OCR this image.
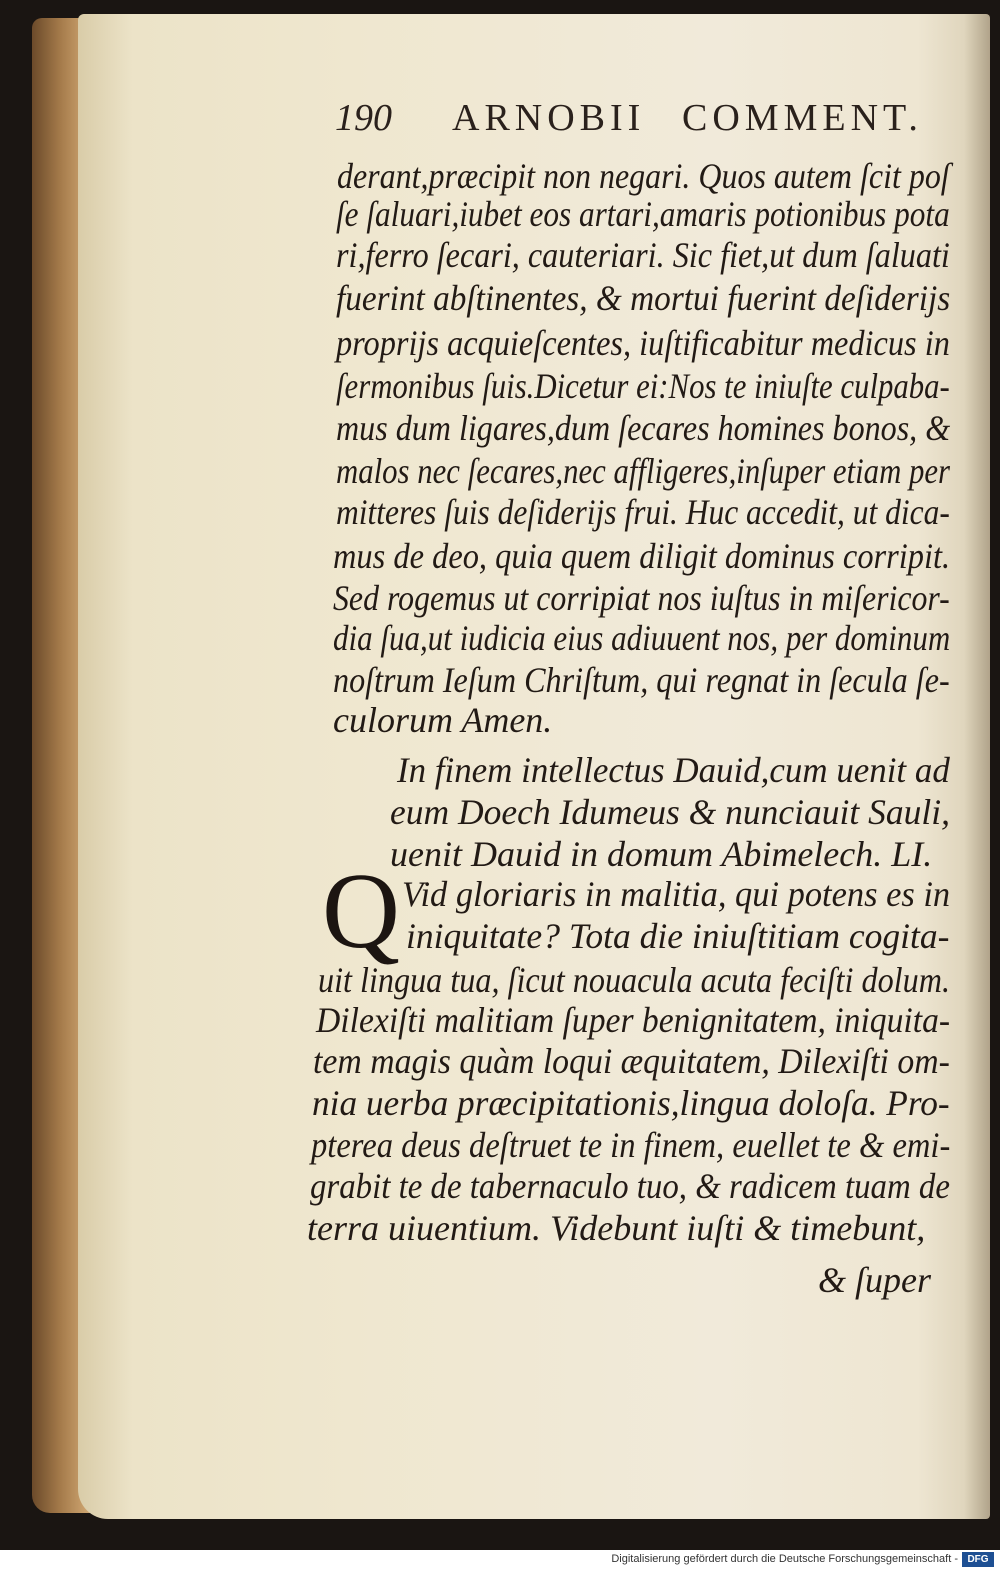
190 ARNOBII COMMENT.
derant,præcipit non negari. Quos autem ſcit poſ
ſe ſaluari,iubet eos artari,amaris potionibus pota
ri,ferro ſecari, cauteriari. Sic fiet,ut dum ſaluati
fuerint abſtinentes, & mortui fuerint deſiderijs
proprijs acquieſcentes, iuſtificabitur medicus in
ſermonibus ſuis.Dicetur ei:Nos te iniuſte culpaba-
mus dum ligares,dum ſecares homines bonos, &
malos nec ſecares,nec affligeres,inſuper etiam per
mitteres ſuis deſiderijs frui. Huc accedit, ut dica-
mus de deo, quia quem diligit dominus corripit.
Sed rogemus ut corripiat nos iuſtus in miſericor-
dia ſua,ut iudicia eius adiuuent nos, per dominum
noſtrum Ieſum Chriſtum, qui regnat in ſecula ſe-
culorum Amen.
In finem intellectus Dauid,cum uenit ad
eum Doech Idumeus & nunciauit Sauli,
uenit Dauid in domum Abimelech. LI.
Q Vid gloriaris in malitia, qui potens es in
iniquitate? Tota die iniuſtitiam cogita-
uit lingua tua, ſicut nouacula acuta feciſti dolum.
Dilexiſti malitiam ſuper benignitatem, iniquita-
tem magis quàm loqui æquitatem, Dilexiſti om-
nia uerba præcipitationis,lingua doloſa. Pro-
pterea deus deſtruet te in finem, euellet te & emi-
grabit te de tabernaculo tuo, & radicem tuam de
terra uiuentium. Videbunt iuſti & timebunt,
& ſuper
Digitalisierung gefördert durch die Deutsche Forschungsgemeinschaft - DFG
